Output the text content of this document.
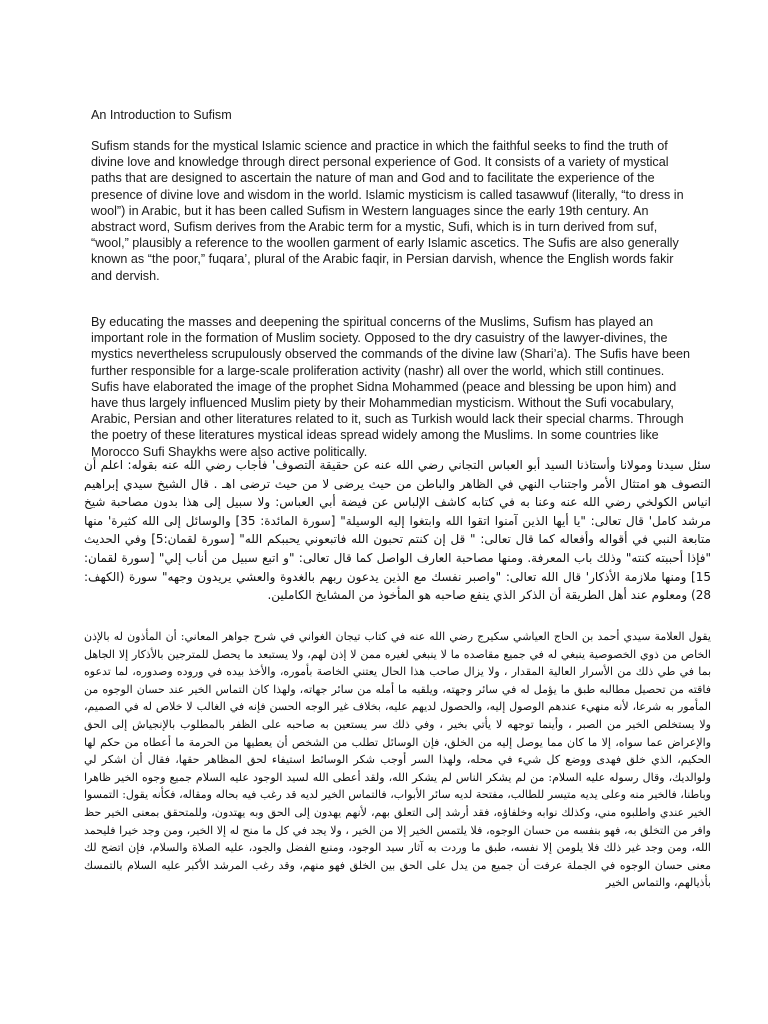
An Introduction to Sufism

Sufism stands for the mystical Islamic science and practice in which the faithful seeks to find the truth of divine love and knowledge through direct personal experience of God. It consists of a variety of mystical paths that are designed to ascertain the nature of man and God and to facilitate the experience of the presence of divine love and wisdom in the world. Islamic mysticism is called tasawwuf (literally, “to dress in wool”) in Arabic, but it has been called Sufism in Western languages since the early 19th century. An abstract word, Sufism derives from the Arabic term for a mystic, Sufi, which is in turn derived from suf, “wool,” plausibly a reference to the woollen garment of early Islamic ascetics. The Sufis are also generally known as “the poor,” fuqara’, plural of the Arabic faqir, in Persian darvish, whence the English words fakir and dervish.

By educating the masses and deepening the spiritual concerns of the Muslims, Sufism has played an important role in the formation of Muslim society. Opposed to the dry casuistry of the lawyer-divines, the mystics nevertheless scrupulously observed the commands of the divine law (Shari’a). The Sufis have been further responsible for a large-scale proliferation activity (nashr) all over the world, which still continues. Sufis have elaborated the image of the prophet Sidna Mohammed (peace and blessing be upon him) and have thus largely influenced Muslim piety by their Mohammedian mysticism. Without the Sufi vocabulary, Arabic, Persian and other literatures related to it, such as Turkish would lack their special charms. Through the poetry of these literatures mystical ideas spread widely among the Muslims. In some countries like Morocco Sufi Shaykhs were also active politically.

سئل سيدنا ومولانا وأستاذنا السيد أبو العباس التجاني رضي الله عنه عن حقيقة التصوف' فأجاب رضي الله عنه بقوله: اعلم أن التصوف هو امتثال الأمر واجتناب النهي في الظاهر والباطن من حيث يرضى لا من حيث ترضى اهـ . قال الشيخ سيدي إبراهيم انياس الكولخي رضي الله عنه وعنا به في كتابه كاشف الإلباس عن فيضة أبي العباس: ولا سبيل إلى هذا بدون مصاحبة شيخ مرشد كامل' قال تعالى: "يا أيها الذين آمنوا اتقوا الله وابتغوا إليه الوسيلة" [سورة المائدة: 35] والوسائل إلى الله كثيرة' منها متابعة النبي في أقواله وأفعاله كما قال تعالى: " قل إن كنتم تحبون الله فاتبعوني يحببكم الله" [سورة لقمان:5] وفي الحديث "فإذا أحببته كنته" وذلك باب المعرفة. ومنها مصاحبة العارف الواصل كما قال تعالى: "و اتبع سبيل من أناب إلي" [سورة لقمان: 15] ومنها ملازمة الأذكار' قال الله تعالى: "واصبر نفسك مع الذين يدعون ربهم بالغدوة والعشي يريدون وجهه" سورة (الكهف: 28) ومعلوم عند أهل الطريقة أن الذكر الذي ينفع صاحبه هو المأخوذ من المشايخ الكاملين.

يقول العلامة سيدي أحمد بن الحاج العياشي سكيرج رضي الله عنه في كتاب تيجان الغواني في شرح جواهر المعاني: أن المأذون له بالإذن الخاص من ذوي الخصوصية ينبغي له في جميع مقاصده ما لا ينبغي لغيره ممن لا إذن لهم، ولا يستبعد ما يحصل للمترجين بالأذكار إلا الجاهل بما في طي ذلك من الأسرار العالية المقدار ، ولا يزال صاحب هذا الحال يعتني الخاصة بأموره، والأخذ بيده في وروده وصدوره، لما تدعوه فاقته من تحصيل مطالبه طبق ما يؤمل له في سائر وجهته، ويلقيه ما أمله من سائر جهاته، ولهذا كان التماس الخير عند حسان الوجوه من المأمور به شرعا، لأنه منهيء عندهم الوصول إليه، والحصول لديهم عليه، بخلاف غير الوجه الحسن فإنه في الغالب لا خلاص له في الصميم، ولا يستخلص الخير من الصبر ، وأينما توجهه لا يأتي بخير ، وفي ذلك سر يستعين به صاحبه على الظفر بالمطلوب بالإنجياش إلى الحق والإعراض عما سواه، إلا ما كان مما يوصل إليه من الخلق، فإن الوسائل تطلب من الشخص أن يعطيها من الحرمة ما أعطاه من حكم لها الحكيم، الذي خلق فهدى ووضع كل شيء في محله، ولهذا السر أوجب شكر الوسائط استيفاء لحق المظاهر حقها، فقال أن اشكر لي ولوالديك، وقال رسوله عليه السلام: من لم يشكر الناس لم يشكر الله، ولقد أعطى الله لسيد الوجود عليه السلام جميع وجوه الخير ظاهرا وباطنا، فالخير منه وعلى يديه متيسر للطالب، مفتحة لديه سائر الأبواب، فالتماس الخير لديه قد رغب فيه بحاله ومقاله، فكأنه يقول: التمسوا الخير عندي واطلبوه مني، وكذلك نوابه وخلفاؤه، فقد أرشد إلى التعلق بهم، لأنهم يهدون إلى الحق وبه يهتدون، وللمتحقق بمعنى الخير حظ وافر من التخلق به، فهو بنفسه من حسان الوجوه، فلا يلتمس الخير إلا من الخير ، ولا يجد في كل ما منح له إلا الخير، ومن وجد خيرا فليحمد الله، ومن وجد غير ذلك فلا يلومن إلا نفسه، طبق ما وردت به آثار سيد الوجود، ومنبع الفضل والجود، عليه الصلاة والسلام، فإن اتضح لك معنى حسان الوجوه في الجملة عرفت أن جميع من يدل على الحق بين الخلق فهو منهم، وقد رغب المرشد الأكبر عليه السلام بالتمسك بأذيالهم، والتماس الخير
